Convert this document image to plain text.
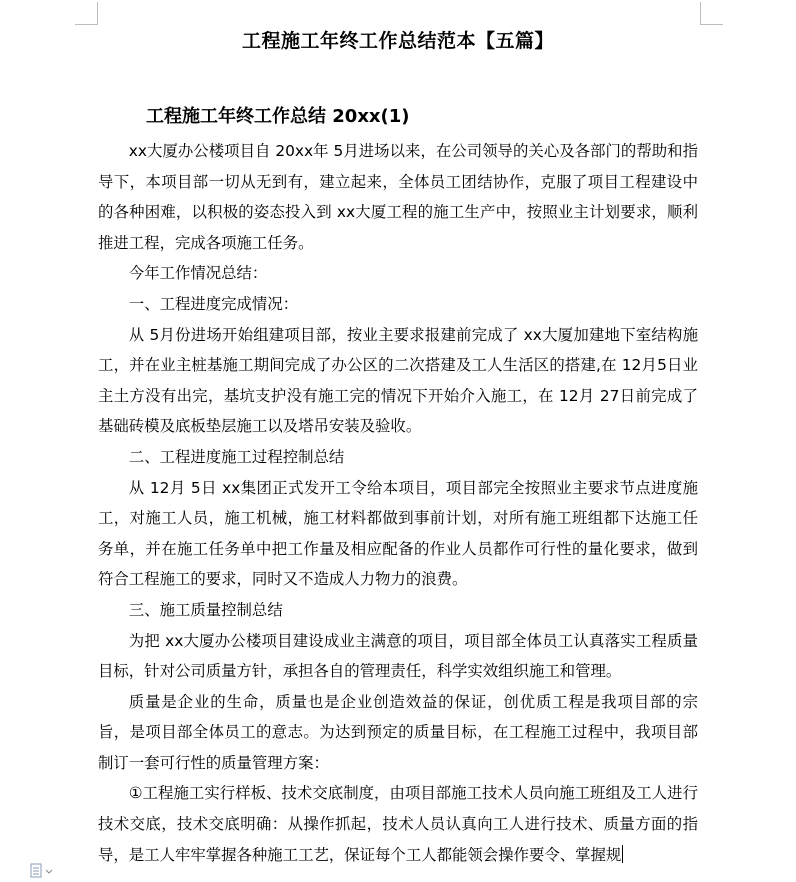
工程施工年终工作总结范本【五篇】
工程施工年终工作总结 20xx(1)

xx大厦办公楼项目自 20xx年 5月进场以来，在公司领导的关心及各部门的帮助和指导下，本项目部一切从无到有，建立起来，全体员工团结协作，克服了项目工程建设中的各种困难，以积极的姿态投入到 xx大厦工程的施工生产中，按照业主计划要求，顺利推进工程，完成各项施工任务。

今年工作情况总结：

一、工程进度完成情况：

从 5月份进场开始组建项目部，按业主要求报建前完成了 xx大厦加建地下室结构施工，并在业主桩基施工期间完成了办公区的二次搭建及工人生活区的搭建,在 12月5日业主土方没有出完，基坑支护没有施工完的情况下开始介入施工，在 12月 27日前完成了基础砖模及底板垫层施工以及塔吊安装及验收。

二、工程进度施工过程控制总结

从 12月 5日 xx集团正式发开工令给本项目，项目部完全按照业主要求节点进度施工，对施工人员，施工机械，施工材料都做到事前计划，对所有施工班组都下达施工任务单，并在施工任务单中把工作量及相应配备的作业人员都作可行性的量化要求，做到符合工程施工的要求，同时又不造成人力物力的浪费。

三、施工质量控制总结

为把 xx大厦办公楼项目建设成业主满意的项目，项目部全体员工认真落实工程质量目标，针对公司质量方针，承担各自的管理责任，科学实效组织施工和管理。

质量是企业的生命，质量也是企业创造效益的保证，创优质工程是我项目部的宗旨，是项目部全体员工的意志。为达到预定的质量目标，在工程施工过程中，我项目部制订一套可行性的质量管理方案：

①工程施工实行样板、技术交底制度，由项目部施工技术人员向施工班组及工人进行技术交底，技术交底明确：从操作抓起，技术人员认真向工人进行技术、质量方面的指导，是工人牢牢掌握各种施工工艺，保证每个工人都能领会操作要令、掌握规
